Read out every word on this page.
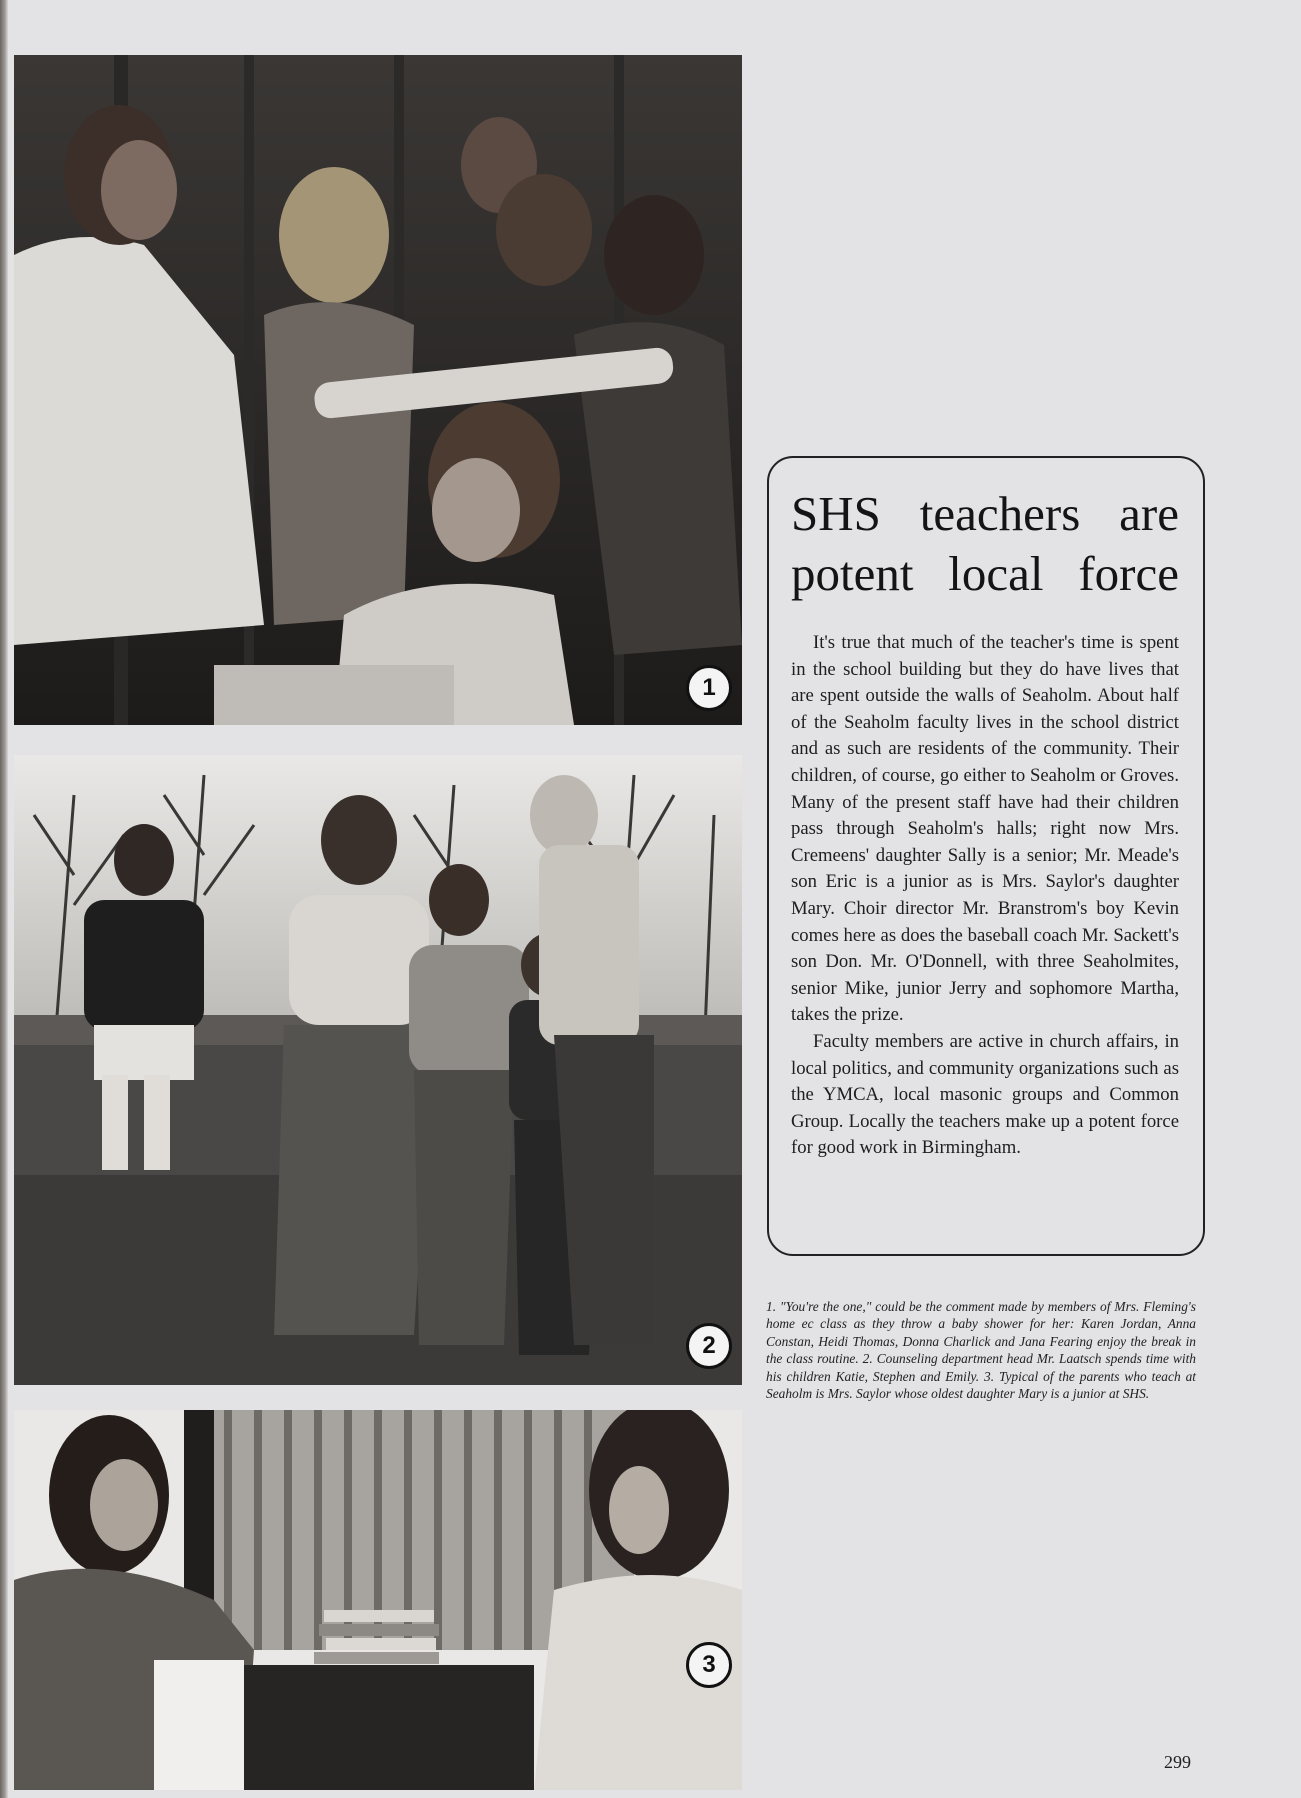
1
2
3
SHS teachers are
potent local force

It's true that much of the teacher's time is spent in the school building but they do have lives that are spent outside the walls of Seaholm. About half of the Seaholm faculty lives in the school district and as such are residents of the community. Their children, of course, go either to Seaholm or Groves. Many of the present staff have had their children pass through Seaholm's halls; right now Mrs. Cremeens' daughter Sally is a senior; Mr. Meade's son Eric is a junior as is Mrs. Saylor's daughter Mary. Choir director Mr. Branstrom's boy Kevin comes here as does the baseball coach Mr. Sackett's son Don. Mr. O'Donnell, with three Seaholmites, senior Mike, junior Jerry and sophomore Martha, takes the prize.

Faculty members are active in church affairs, in local politics, and community organizations such as the YMCA, local masonic groups and Common Group. Locally the teachers make up a potent force for good work in Birmingham.

1. "You're the one," could be the comment made by members of Mrs. Fleming's home ec class as they throw a baby shower for her: Karen Jordan, Anna Constan, Heidi Thomas, Donna Charlick and Jana Fearing enjoy the break in the class routine. 2. Counseling department head Mr. Laatsch spends time with his children Katie, Stephen and Emily. 3. Typical of the parents who teach at Seaholm is Mrs. Saylor whose oldest daughter Mary is a junior at SHS.
299
